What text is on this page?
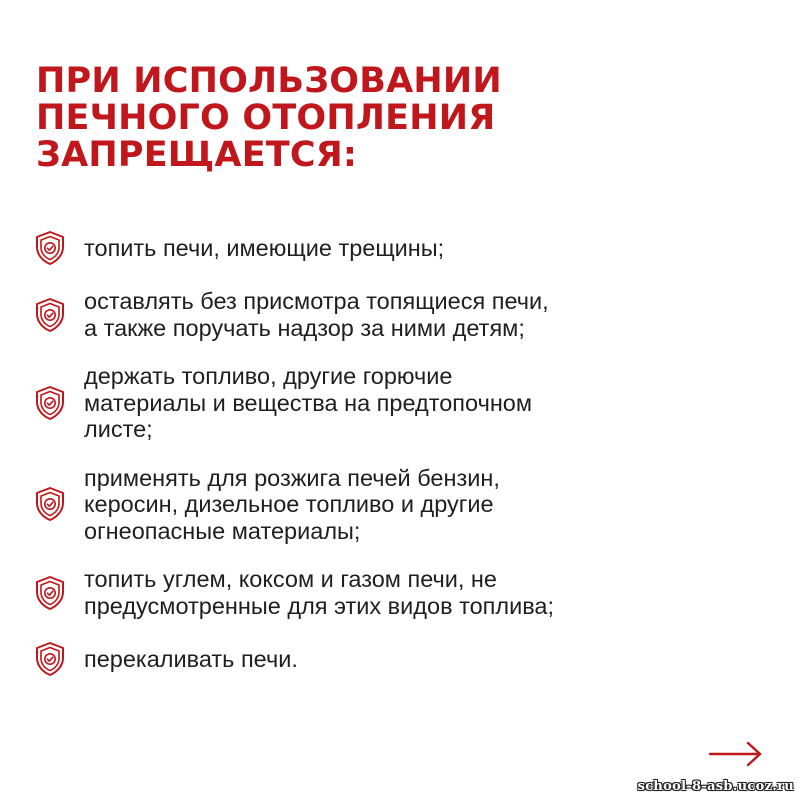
ПРИ ИСПОЛЬЗОВАНИИ
ПЕЧНОГО ОТОПЛЕНИЯ
ЗАПРЕЩАЕТСЯ:
топить печи, имеющие трещины;
оставлять без присмотра топящиеся печи,
а также поручать надзор за ними детям;
держать топливо, другие горючие
материалы и вещества на предтопочном
листе;
применять для розжига печей бензин,
керосин, дизельное топливо и другие
огнеопасные материалы;
топить углем, коксом и газом печи, не
предусмотренные для этих видов топлива;
перекаливать печи.
school-8-asb.ucoz.ru
